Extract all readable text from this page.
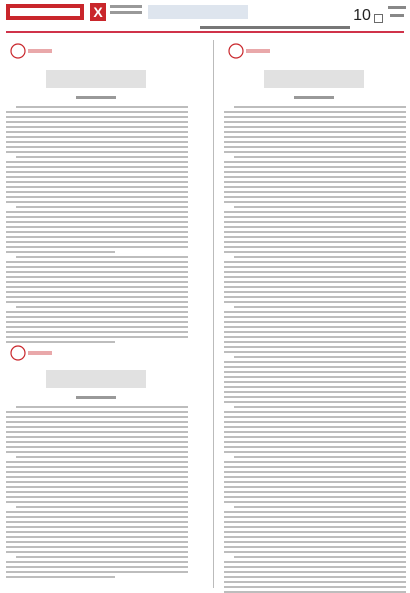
X	10
